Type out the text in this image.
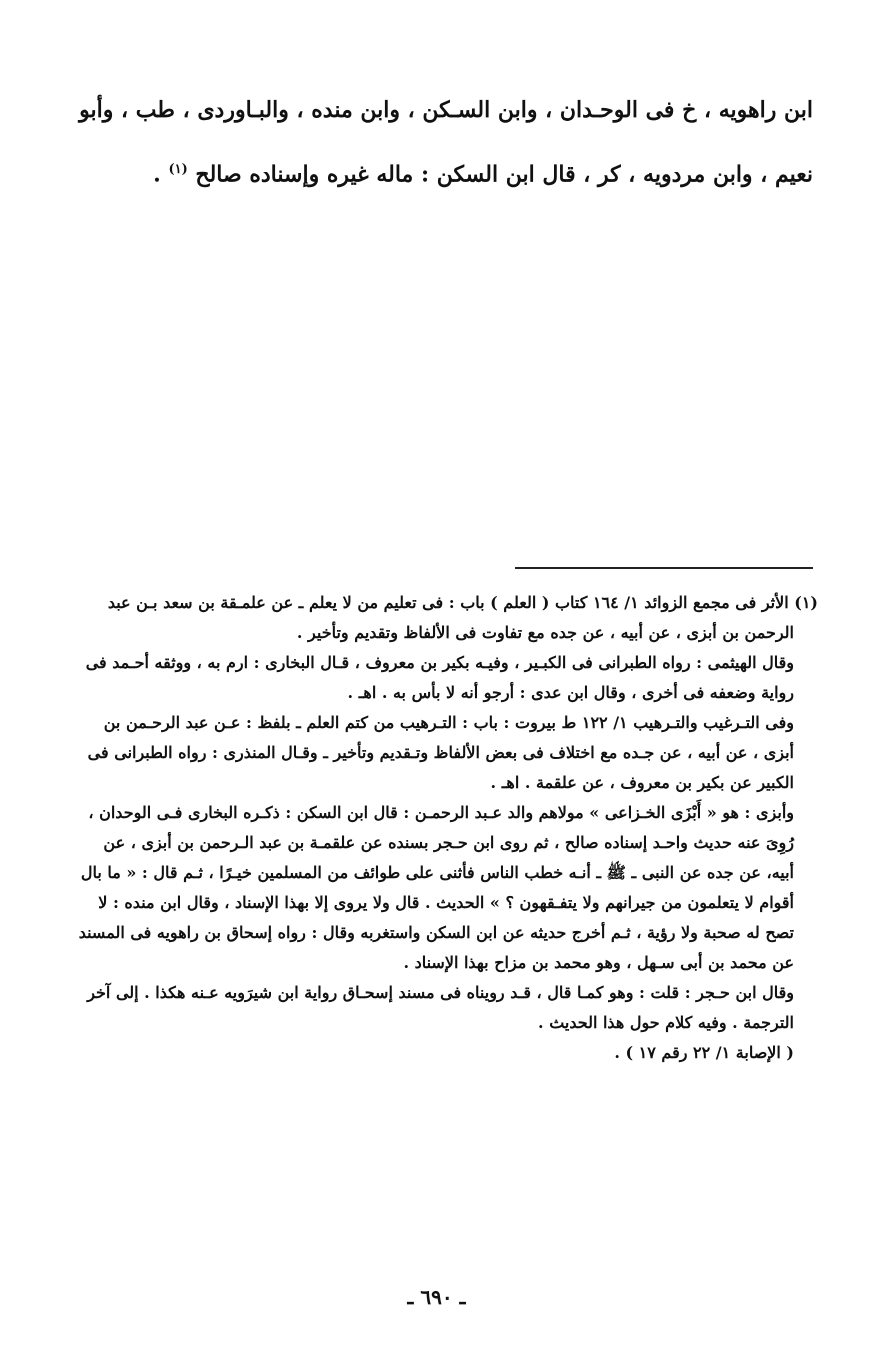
ابن راهويه ، خ فى الوحـدان ، وابن السـكن ، وابن منده ، والبـاوردى ، طب ، وأبو
نعيم ، وابن مردويه ، كر ، قال ابن السكن : ماله غيره وإسناده صالح $^{(١)}$ .
(١) الأثر فى مجمع الزوائد ١/ ١٦٤ كتاب ( العلم ) باب : فى تعليم من لا يعلم ـ عن علمـقة بن سعد بـن عبد
الرحمن بن أبزى ، عن أبيه ، عن جده مع تفاوت فى الألفاظ وتقديم وتأخير .
وقال الهيثمى : رواه الطبرانى فى الكبـير ، وفيـه بكير بن معروف ، قـال البخارى : ارم به ، ووثقه أحـمد فى
رواية وضعفه فى أخرى ، وقال ابن عدى : أرجو أنه لا بأس به . اهـ .
وفى التـرغيب والتـرهيب ١/ ١٢٢ ط بيروت : باب : التـرهيب من كتم العلم ـ بلفظ : عـن عبد الرحـمن بن
أبزى ، عن أبيه ، عن جـده مع اختلاف فى بعض الألفاظ وتـقديم وتأخير ـ وقـال المنذرى : رواه الطبرانى فى
الكبير عن بكير بن معروف ، عن علقمة . اهـ .
وأبزى : هو « أَبْزَى الخـزاعى » مولاهم والد عـبد الرحمـن : قال ابن السكن : ذكـره البخارى فـى الوحدان ،
رُوِىَ عنه حديث واحـد إسناده صالح ، ثم روى ابن حـجر بسنده عن علقمـة بن عبد الـرحمن بن أبزى ، عن
أبيه، عن جده عن النبى ـ ﷺ ـ أنـه خطب الناس فأثنى على طوائف من المسلمين خيـرًا ، ثـم قال : « ما بال
أقوام لا يتعلمون من جيرانهم ولا يتفـقهون ؟ » الحديث . قال ولا يروى إلا بهذا الإسناد ، وقال ابن منده : لا
تصح له صحبة ولا رؤية ، ثـم أخرج حديثه عن ابن السكن واستغربه وقال : رواه إسحاق بن راهويه فى المسند
عن محمد بن أبى سـهل ، وهو محمد بن مزاح بهذا الإسناد .
وقال ابن حـجر : قلت : وهو كمـا قال ، قـد رويناه فى مسند إسحـاق رواية ابن شيرَويه عـنه هكذا . إلى آخر
الترجمة . وفيه كلام حول هذا الحديث .
( الإصابة ١/ ٢٢ رقم ١٧ ) .
ـ ٦٩٠ ـ
